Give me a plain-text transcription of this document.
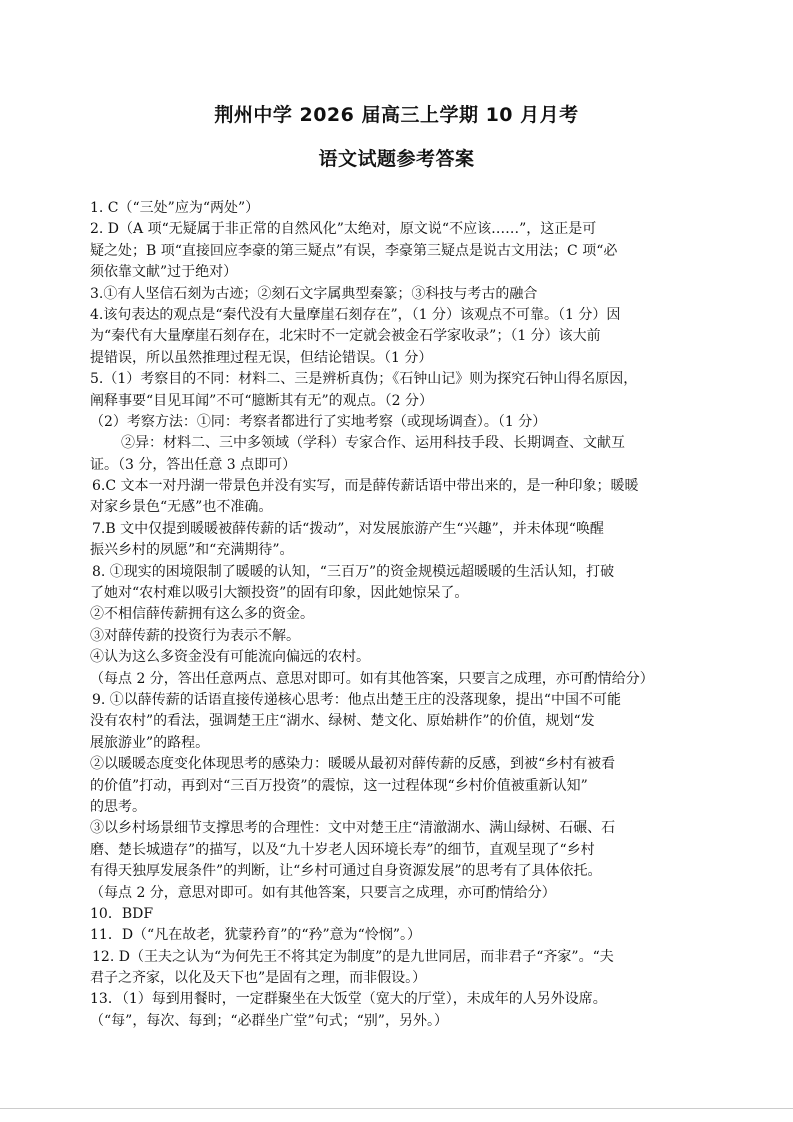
荆州中学 2026 届高三上学期 10 月月考
语文试题参考答案
1. C（“三处”应为“两处”）
2. D（A 项“无疑属于非正常的自然风化”太绝对，原文说“不应该……”，这正是可
疑之处；B 项“直接回应李豪的第三疑点”有误，李豪第三疑点是说古文用法；C 项“必
须依靠文献”过于绝对）
3.①有人坚信石刻为古迹；②刻石文字属典型秦篆；③科技与考古的融合
4.该句表达的观点是“秦代没有大量摩崖石刻存在”，（1 分）该观点不可靠。（1 分）因
为“秦代有大量摩崖石刻存在，北宋时不一定就会被金石学家收录”；（1 分）该大前
提错误，所以虽然推理过程无误，但结论错误。（1 分）
5.（1）考察目的不同：材料二、三是辨析真伪；《石钟山记》则为探究石钟山得名原因，
阐释事要“目见耳闻”不可“臆断其有无”的观点。（2 分）
（2）考察方法：①同：考察者都进行了实地考察（或现场调查）。（1 分）
②异：材料二、三中多领域（学科）专家合作、运用科技手段、长期调查、文献互
证。（3 分，答出任意 3 点即可）
6.C 文本一对丹湖一带景色并没有实写，而是薛传薪话语中带出来的，是一种印象；暖暖
对家乡景色“无感”也不准确。
7.B 文中仅提到暖暖被薛传薪的话“拨动”，对发展旅游产生“兴趣”，并未体现“唤醒
振兴乡村的夙愿”和“充满期待”。
8. ①现实的困境限制了暖暖的认知，“三百万”的资金规模远超暖暖的生活认知，打破
了她对“农村难以吸引大额投资”的固有印象，因此她惊呆了。
②不相信薛传薪拥有这么多的资金。
③对薛传薪的投资行为表示不解。
④认为这么多资金没有可能流向偏远的农村。
（每点 2 分，答出任意两点、意思对即可。如有其他答案，只要言之成理，亦可酌情给分）
9. ①以薛传薪的话语直接传递核心思考：他点出楚王庄的没落现象，提出“中国不可能
没有农村”的看法，强调楚王庄“湖水、绿树、楚文化、原始耕作”的价值，规划“发
展旅游业”的路程。
②以暖暖态度变化体现思考的感染力：暖暖从最初对薛传薪的反感，到被“乡村有被看
的价值”打动，再到对“三百万投资”的震惊，这一过程体现“乡村价值被重新认知”
的思考。
③以乡村场景细节支撑思考的合理性：文中对楚王庄“清澈湖水、满山绿树、石碾、石
磨、楚长城遗存”的描写，以及“九十岁老人因环境长寿”的细节，直观呈现了“乡村
有得天独厚发展条件”的判断，让“乡村可通过自身资源发展”的思考有了具体依托。
（每点 2 分，意思对即可。如有其他答案，只要言之成理，亦可酌情给分）
10．BDF
11．D（“凡在故老，犹蒙矜育”的“矜”意为“怜悯”。）
12. D（王夫之认为“为何先王不将其定为制度”的是九世同居，而非君子“齐家”。“夫
君子之齐家，以化及天下也”是固有之理，而非假设。）
13．（1）每到用餐时，一定群聚坐在大饭堂（宽大的厅堂），未成年的人另外设席。
（“每”，每次、每到；“必群坐广堂”句式；“别”，另外。）
